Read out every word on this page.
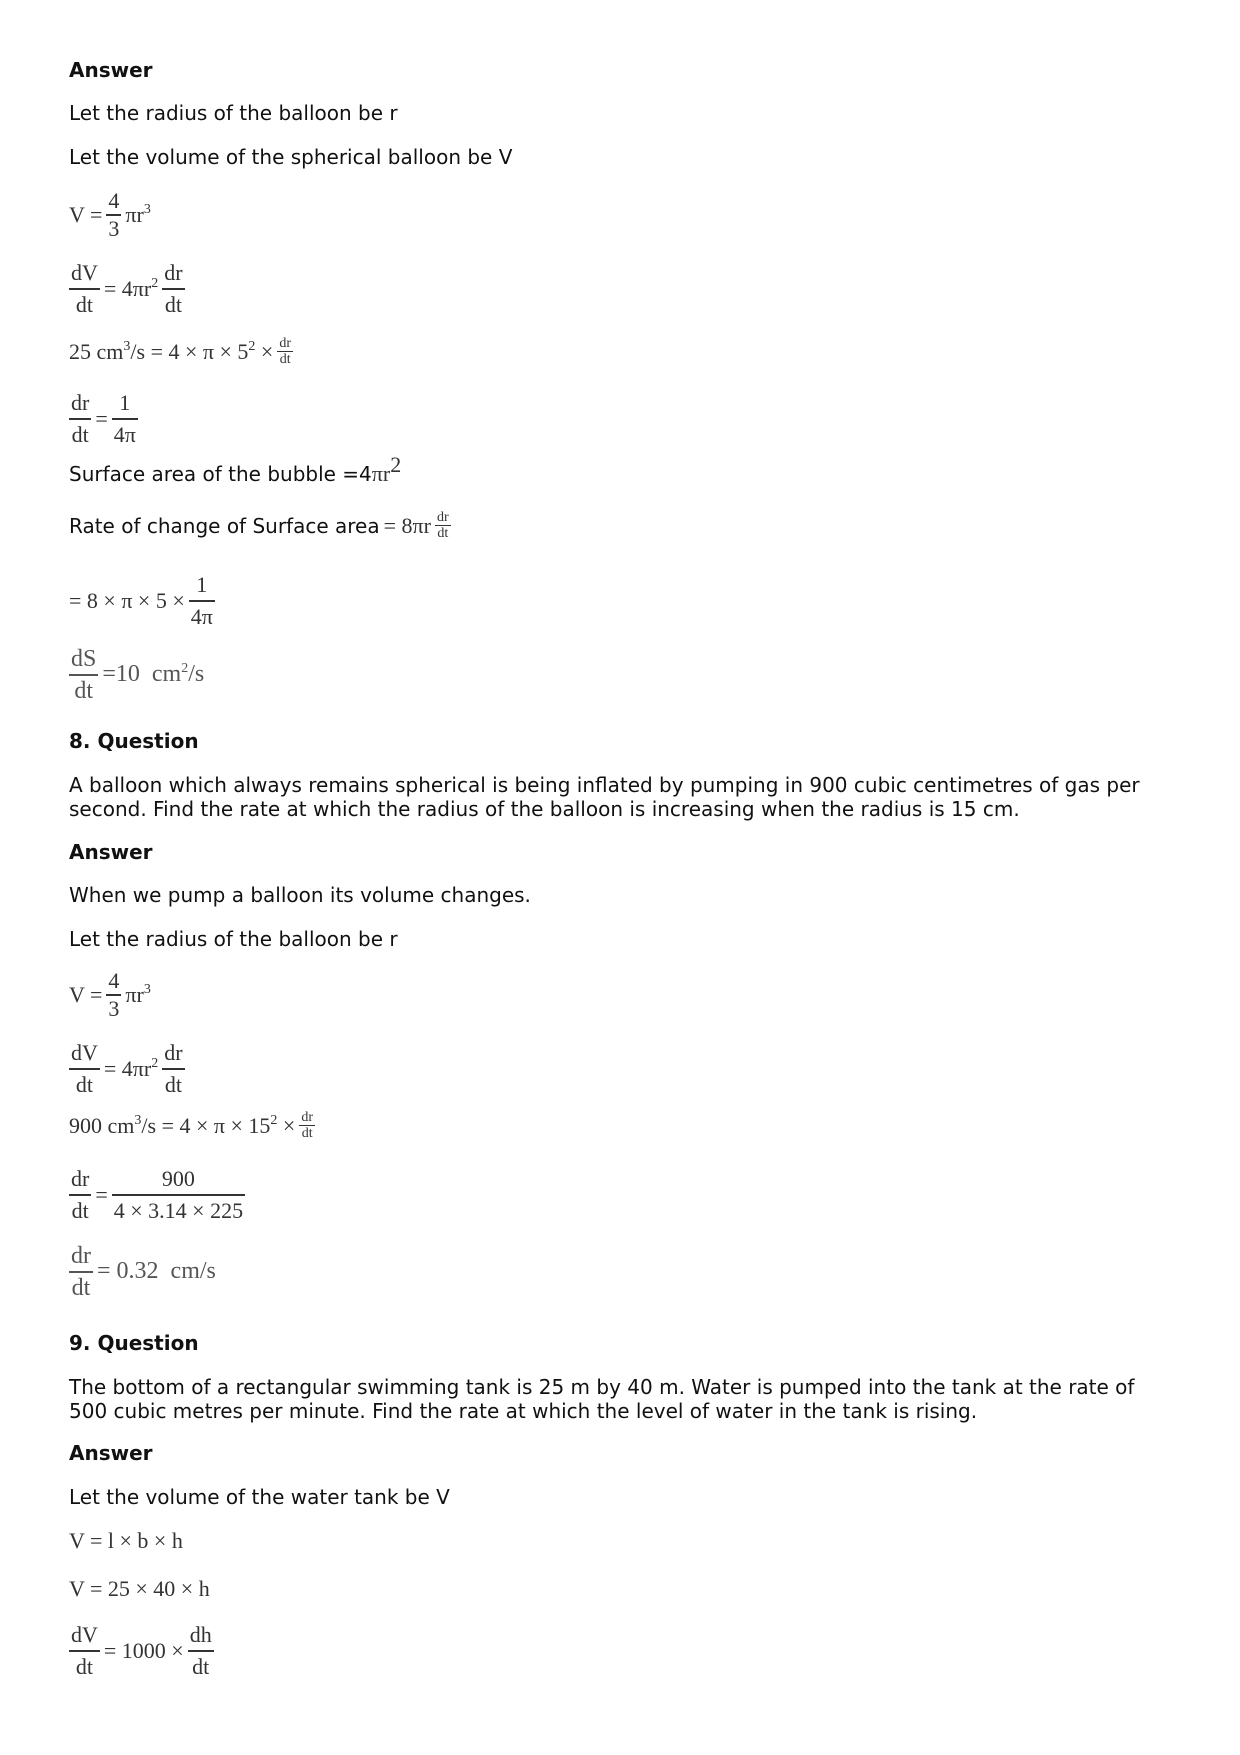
Answer
Let the radius of the balloon be r
Let the volume of the spherical balloon be V
$V = \frac{4}{3} \pi r^3$
$\frac{dV}{dt} = 4\pi r^2 \frac{dr}{dt}$
25 $cm^3/s = 4 \times \pi \times 5^2 \times \frac{dr}{dt}$
$\frac{dr}{dt} = \frac{1}{4\pi}$
Surface area of the bubble $=4\pi r^2$
Rate of change of Surface area = $8\pi r \frac{dr}{dt}$
= $8 \times \pi \times 5 \times \frac{1}{4\pi}$
$\frac{dS}{dt} =10$  $cm^2/s$
8. Question
A balloon which always remains spherical is being inflated by pumping in 900 cubic centimetres of gas per second. Find the rate at which the radius of the balloon is increasing when the radius is 15 cm.
Answer
When we pump a balloon its volume changes.
Let the radius of the balloon be r
$V = \frac{4}{3} \pi r^3$
$\frac{dV}{dt} = 4\pi r^2 \frac{dr}{dt}$
900 $cm^3/s = 4 \times \pi \times 15^2 \times \frac{dr}{dt}$
$\frac{dr}{dt} = \frac{900}{4 \times 3.14 \times 225}$
$\frac{dr}{dt} = 0.32$  cm/s
9. Question
The bottom of a rectangular swimming tank is 25 m by 40 m. Water is pumped into the tank at the rate of 500 cubic metres per minute. Find the rate at which the level of water in the tank is rising.
Answer
Let the volume of the water tank be V
V = l × b × h
V = 25 × 40 × h
$\frac{dV}{dt} = 1000 \times \frac{dh}{dt}$
